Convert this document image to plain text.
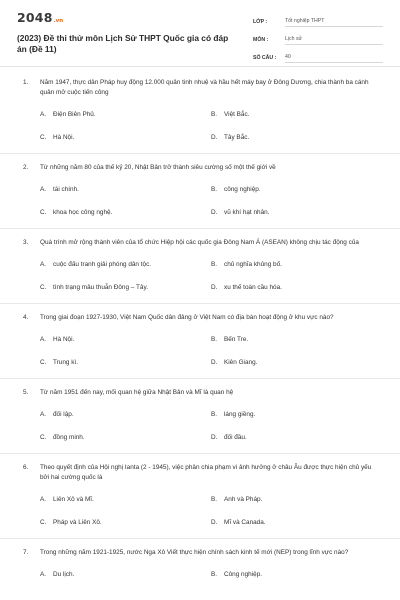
2048 .vn
(2023) Đề thi thử môn Lịch Sử THPT Quốc gia có đáp án (Đề 11)
LỚP :	Tốt nghiệp THPT
MÔN :	Lịch sử
SỐ CÂU :	40
1. Năm 1947, thực dân Pháp huy động 12.000 quân tinh nhuệ và hầu hết máy bay ở Đông Dương, chia thành ba cánh quân mở cuộc tiến công
A.	Điện Biên Phủ.	B.	Việt Bắc.
C.	Hà Nội.	D.	Tây Bắc.
2. Từ những năm 80 của thế kỷ 20, Nhật Bản trở thành siêu cường số một thế giới về
A.	tài chính.	B.	công nghiệp.
C.	khoa học công nghệ.	D.	vũ khí hạt nhân.
3. Quá trình mở rộng thành viên của tổ chức Hiệp hội các quốc gia Đông Nam Á (ASEAN) không chịu tác động của
A.	cuộc đấu tranh giải phóng dân tộc.	B.	chủ nghĩa khủng bố.
C.	tình trạng mâu thuẫn Đông – Tây.	D.	xu thế toàn cầu hóa.
4. Trong giai đoạn 1927-1930, Việt Nam Quốc dân đảng ở Việt Nam có địa bàn hoạt động ở khu vực nào?
A.	Hà Nội.	B.	Bến Tre.
C.	Trung kì.	D.	Kiên Giang.
5. Từ năm 1951 đến nay, mối quan hệ giữa Nhật Bản và Mĩ là quan hệ
A.	đối lập.	B.	láng giềng.
C.	đồng minh.	D.	đối đầu.
6. Theo quyết định của Hội nghị Ianta (2 - 1945), việc phân chia phạm vi ảnh hưởng ở châu Âu được thực hiện chủ yếu bởi hai cường quốc là
A.	Liên Xô và Mĩ.	B.	Anh và Pháp.
C.	Pháp và Liên Xô.	D.	Mĩ và Canada.
7. Trong những năm 1921-1925, nước Nga Xô Viết thực hiện chính sách kinh tế mới (NEP) trong lĩnh vực nào?
A.	Du lịch.	B.	Công nghiệp.
